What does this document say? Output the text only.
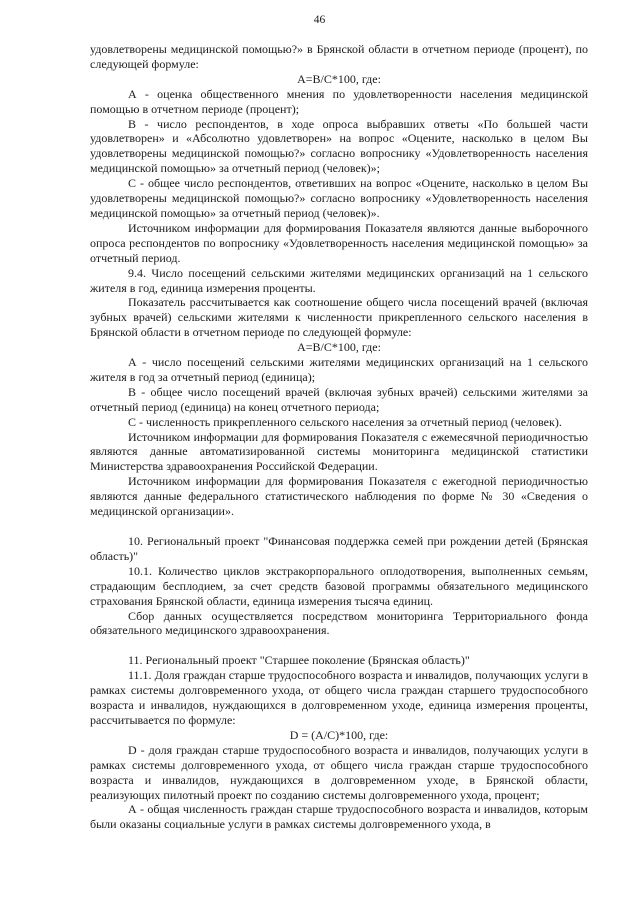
46

удовлетворены медицинской помощью?» в Брянской области в отчетном периоде (процент), по следующей формуле:

А=В/С*100, где:

А - оценка общественного мнения по удовлетворенности населения медицинской помощью в отчетном периоде (процент);

В - число респондентов, в ходе опроса выбравших ответы «По большей части удовлетворен» и «Абсолютно удовлетворен» на вопрос «Оцените, насколько в целом Вы удовлетворены медицинской помощью?» согласно вопроснику «Удовлетворенность населения медицинской помощью» за отчетный период (человек)»;

С - общее число респондентов, ответивших на вопрос «Оцените, насколько в целом Вы удовлетворены медицинской помощью?» согласно вопроснику «Удовлетворенность населения медицинской помощью» за отчетный период (человек)».

Источником информации для формирования Показателя являются данные выборочного опроса респондентов по вопроснику «Удовлетворенность населения медицинской помощью» за отчетный период.

9.4. Число посещений сельскими жителями медицинских организаций на 1 сельского жителя в год, единица измерения проценты.

Показатель рассчитывается как соотношение общего числа посещений врачей (включая зубных врачей) сельскими жителями к численности прикрепленного сельского населения в Брянской области в отчетном периоде по следующей формуле:

А=В/С*100, где:

А - число посещений сельскими жителями медицинских организаций на 1 сельского жителя в год за отчетный период (единица);

В - общее число посещений врачей (включая зубных врачей) сельскими жителями за отчетный период (единица) на конец отчетного периода;

С - численность прикрепленного сельского населения за отчетный период (человек).

Источником информации для формирования Показателя с ежемесячной периодичностью являются данные автоматизированной системы мониторинга медицинской статистики Министерства здравоохранения Российской Федерации.

Источником информации для формирования Показателя с ежегодной периодичностью являются данные федерального статистического наблюдения по форме № 30 «Сведения о медицинской организации».

10. Региональный проект "Финансовая поддержка семей при рождении детей (Брянская область)"

10.1. Количество циклов экстракорпорального оплодотворения, выполненных семьям, страдающим бесплодием, за счет средств базовой программы обязательного медицинского страхования Брянской области, единица измерения тысяча единиц.

Сбор данных осуществляется посредством мониторинга Территориального фонда обязательного медицинского здравоохранения.

11. Региональный проект "Старшее поколение (Брянская область)"

11.1. Доля граждан старше трудоспособного возраста и инвалидов, получающих услуги в рамках системы долговременного ухода, от общего числа граждан старшего трудоспособного возраста и инвалидов, нуждающихся в долговременном уходе, единица измерения проценты, рассчитывается по формуле:

D = (A/C)*100, где:

D - доля граждан старше трудоспособного возраста и инвалидов, получающих услуги в рамках системы долговременного ухода, от общего числа граждан старше трудоспособного возраста и инвалидов, нуждающихся в долговременном уходе, в Брянской области, реализующих пилотный проект по созданию системы долговременного ухода, процент;

А - общая численность граждан старше трудоспособного возраста и инвалидов, которым были оказаны социальные услуги в рамках системы долговременного ухода, в
